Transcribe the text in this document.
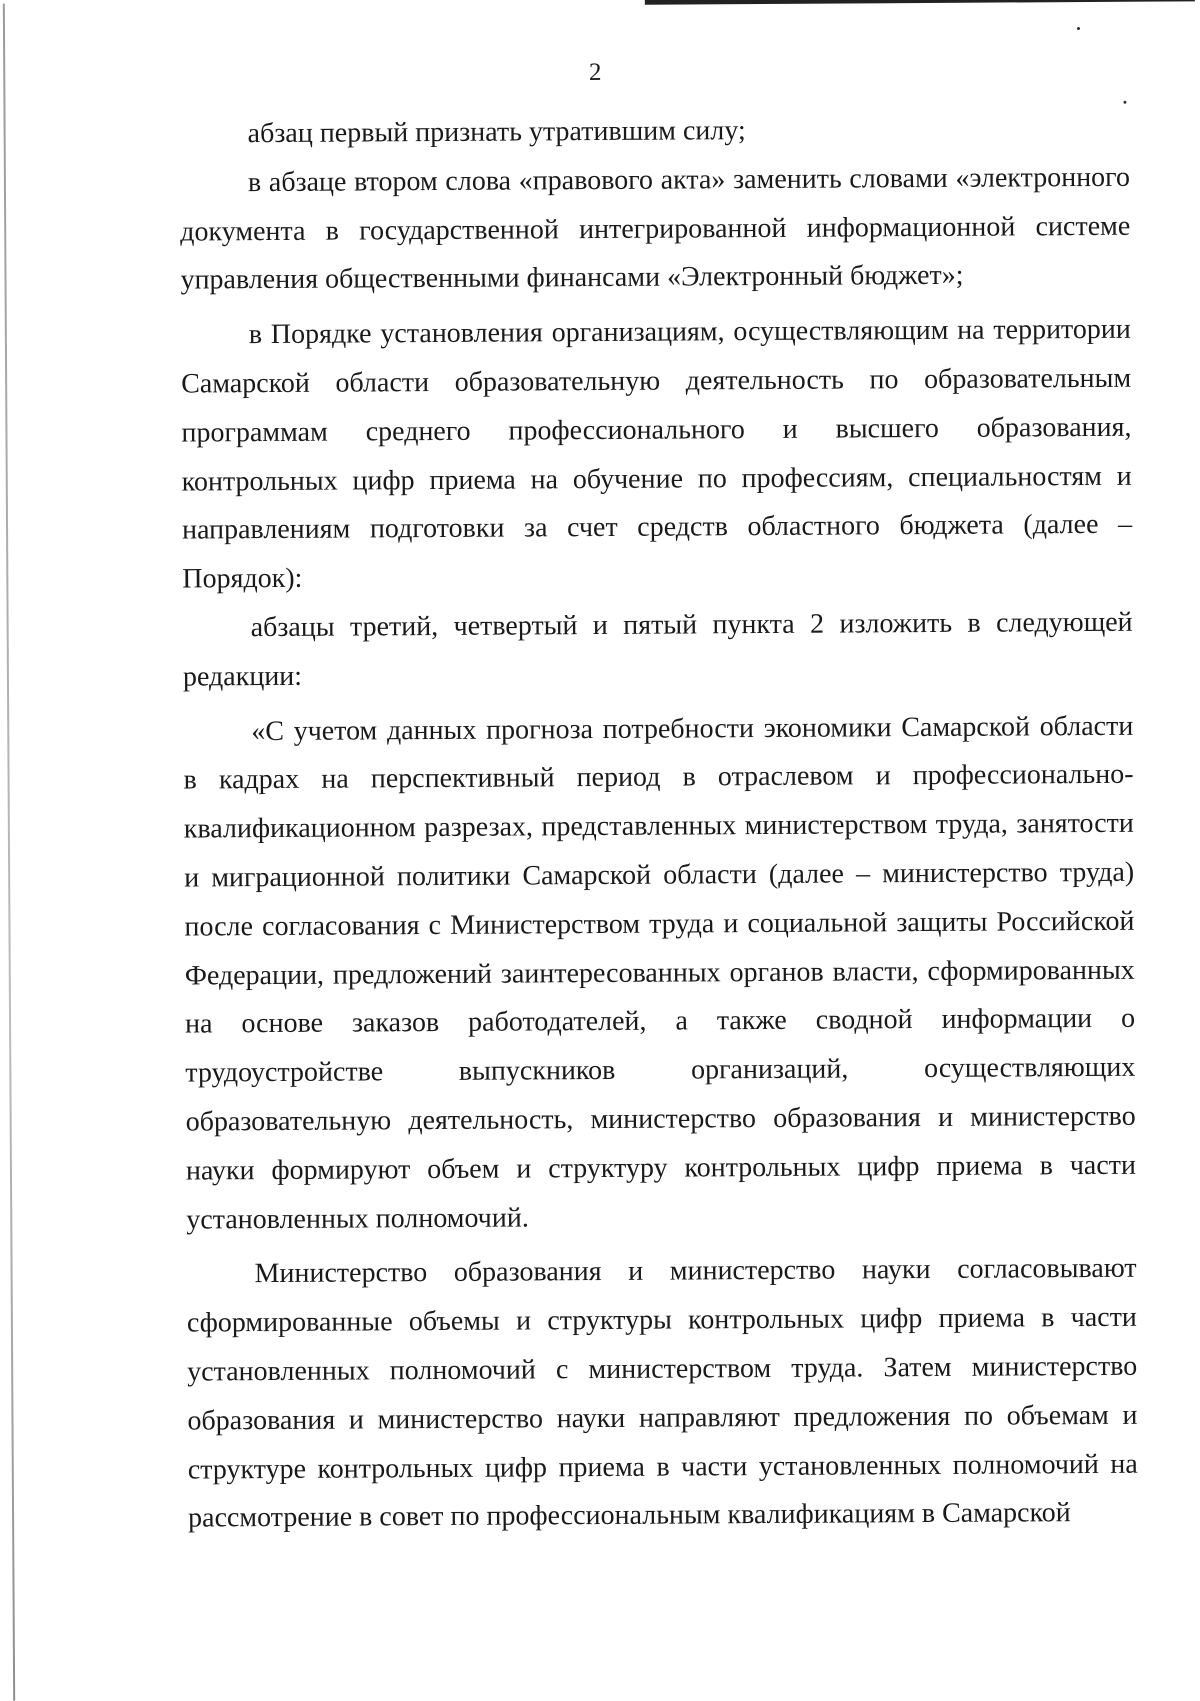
2

абзац первый признать утратившим силу;

в абзаце втором слова «правового акта» заменить словами «электронного документа в государственной интегрированной информационной системе управления общественными финансами «Электронный бюджет»;

в Порядке установления организациям, осуществляющим на территории Самарской области образовательную деятельность по образовательным программам среднего профессионального и высшего образования, контрольных цифр приема на обучение по профессиям, специальностям и направлениям подготовки за счет средств областного бюджета (далее – Порядок):

абзацы третий, четвертый и пятый пункта 2 изложить в следующей редакции:

«С учетом данных прогноза потребности экономики Самарской области в кадрах на перспективный период в отраслевом и профессионально-квалификационном разрезах, представленных министерством труда, занятости и миграционной политики Самарской области (далее – министерство труда) после согласования с Министерством труда и социальной защиты Российской Федерации, предложений заинтересованных органов власти, сформированных на основе заказов работодателей, а также сводной информации о трудоустройстве выпускников организаций, осуществляющих образовательную деятельность, министерство образования и министерство науки формируют объем и структуру контрольных цифр приема в части установленных полномочий.

Министерство образования и министерство науки согласовывают сформированные объемы и структуры контрольных цифр приема в части установленных полномочий с министерством труда. Затем министерство образования и министерство науки направляют предложения по объемам и структуре контрольных цифр приема в части установленных полномочий на рассмотрение в совет по профессиональным квалификациям в Самарской
